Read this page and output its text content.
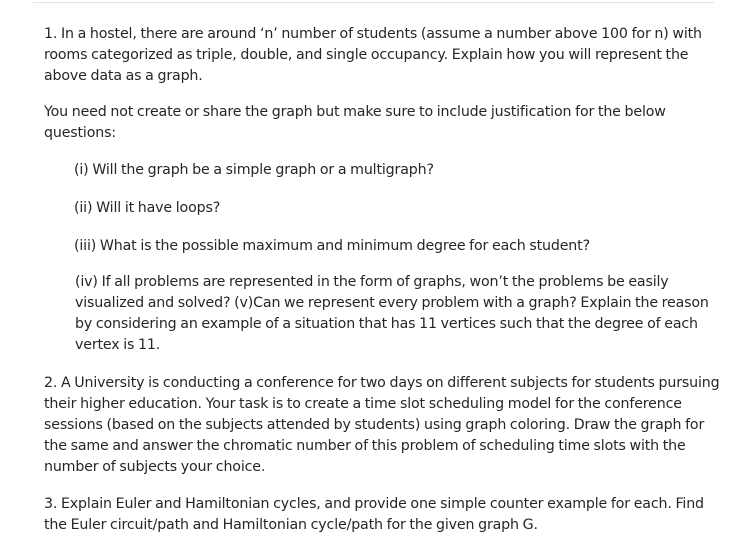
1. In a hostel, there are around ‘n’ number of students (assume a number above 100 for n) with rooms categorized as triple, double, and single occupancy. Explain how you will represent the above data as a graph.

You need not create or share the graph but make sure to include justification for the below questions:

(i) Will the graph be a simple graph or a multigraph?

(ii) Will it have loops?

(iii) What is the possible maximum and minimum degree for each student?

(iv) If all problems are represented in the form of graphs, won’t the problems be easily visualized and solved? (v)Can we represent every problem with a graph? Explain the reason by considering an example of a situation that has 11 vertices such that the degree of each vertex is 11.

2. A University is conducting a conference for two days on different subjects for students pursuing their higher education. Your task is to create a time slot scheduling model for the conference sessions (based on the subjects attended by students) using graph coloring. Draw the graph for the same and answer the chromatic number of this problem of scheduling time slots with the number of subjects your choice.

3. Explain Euler and Hamiltonian cycles, and provide one simple counter example for each. Find the Euler circuit/path and Hamiltonian cycle/path for the given graph G.
